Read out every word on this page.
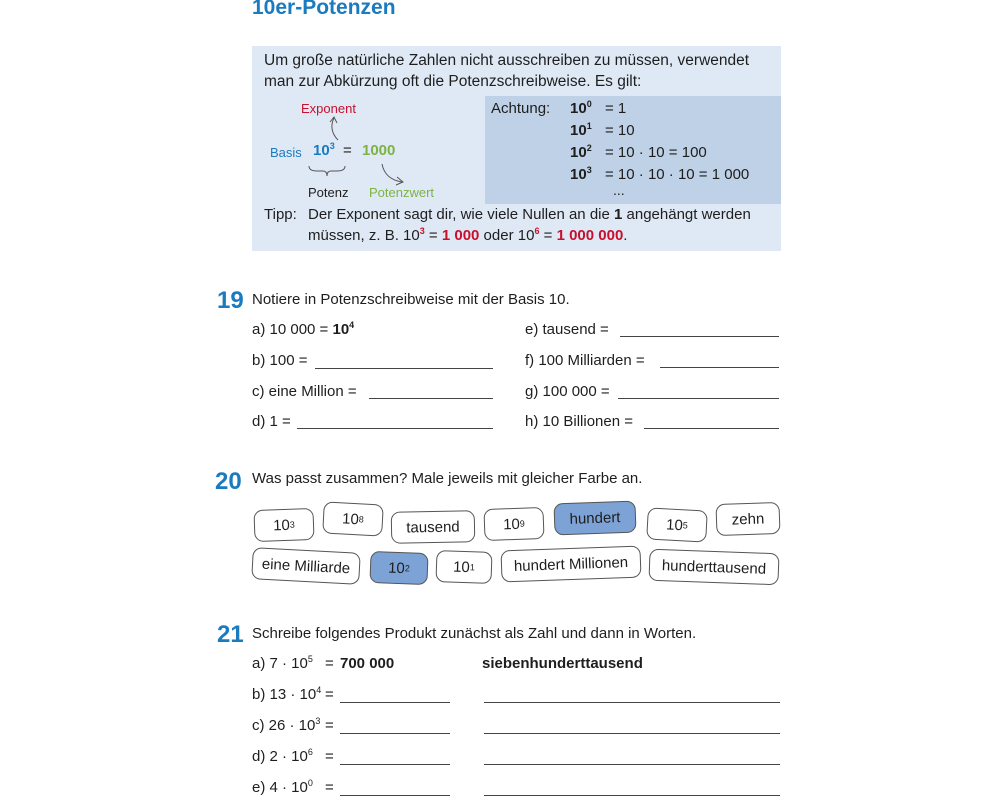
10er-Potenzen
Um große natürliche Zahlen nicht ausschreiben zu müssen, verwendet man zur Abkürzung oft die Potenzschreibweise. Es gilt:
Exponent
Basis $10^3 = 1000$
Potenz Potenzwert
Achtung: $10^0 = 1$
$10^1 = 10$
$10^2 = 10 \cdot 10 = 100$
$10^3 = 10 \cdot 10 \cdot 10 = 1$ 000
...
Tipp: Der Exponent sagt dir, wie viele Nullen an die 1 angehängt werden müssen, z. B. $10^3 = 1$ 000 oder $10^6 = 1$ 000 000.
19 Notiere in Potenzschreibweise mit der Basis 10.
a) 10 $000 = 10^4$
b) 100 =
c) eine Million =
d) 1 =
e) tausend =
f) 100 Milliarden =
g) 100 000 =
h) 10 Billionen =
20 Was passt zusammen? Male jeweils mit gleicher Farbe an.
10 3	10 8	tausend	10 9	hundert	10 5	zehn
eine Milliarde 10 2	10 1	hundert Millionen hunderttausend
21 Schreibe folgendes Produkt zunächst als Zahl und dann in Worten.
a) $7 \cdot 10^5 = 700$ 000	siebenhunderttausend
b) $13 \cdot 10^4$ =
c) $26 \cdot 10^3$ =
d) $2 \cdot 10^6$ =
e) $4 \cdot 10^0$ =
